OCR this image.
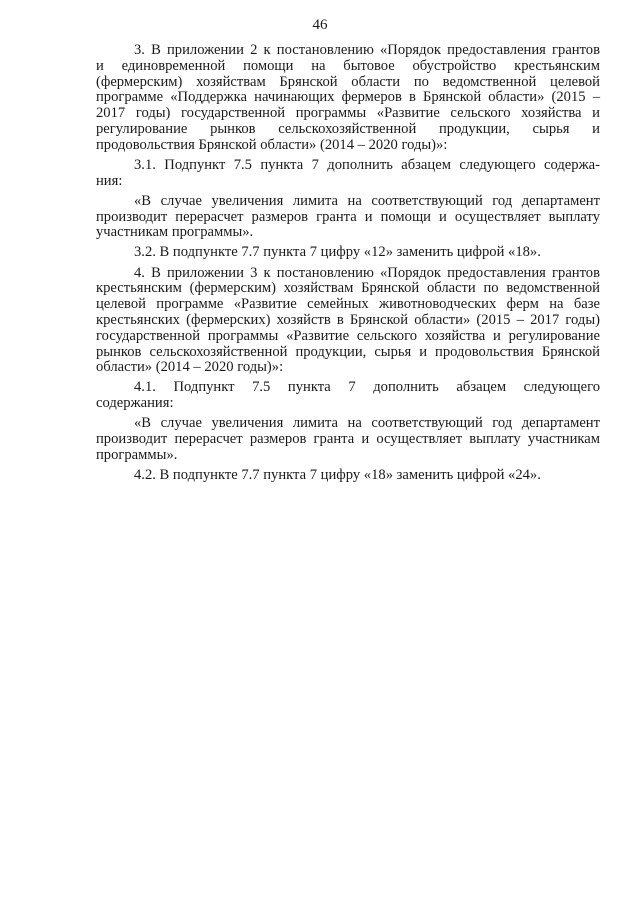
46

3. В приложении 2 к постановлению «Порядок предоставления грантов
и единовременной помощи на бытовое обустройство крестьянским
(фермерским) хозяйствам Брянской области по ведомственной целевой
программе «Поддержка начинающих фермеров в Брянской области» (2015 –
2017 годы) государственной программы «Развитие сельского хозяйства и
регулирование рынков сельскохозяйственной продукции, сырья и
продовольствия Брянской области» (2014 – 2020 годы)»:

3.1. Подпункт 7.5 пункта 7 дополнить абзацем следующего содержа-
ния:

«В случае увеличения лимита на соответствующий год департамент
производит перерасчет размеров гранта и помощи и осуществляет выплату
участникам программы».

3.2. В подпункте 7.7 пункта 7 цифру «12» заменить цифрой «18».

4. В приложении 3 к постановлению «Порядок предоставления грантов
крестьянским (фермерским) хозяйствам Брянской области по ведомственной
целевой программе «Развитие семейных животноводческих ферм на базе
крестьянских (фермерских) хозяйств в Брянской области» (2015 – 2017 годы)
государственной программы «Развитие сельского хозяйства и регулирование
рынков сельскохозяйственной продукции, сырья и продовольствия Брянской
области» (2014 – 2020 годы)»:

4.1. Подпункт 7.5 пункта 7 дополнить абзацем следующего
содержания:

«В случае увеличения лимита на соответствующий год департамент
производит перерасчет размеров гранта и осуществляет выплату участникам
программы».

4.2. В подпункте 7.7 пункта 7 цифру «18» заменить цифрой «24».
